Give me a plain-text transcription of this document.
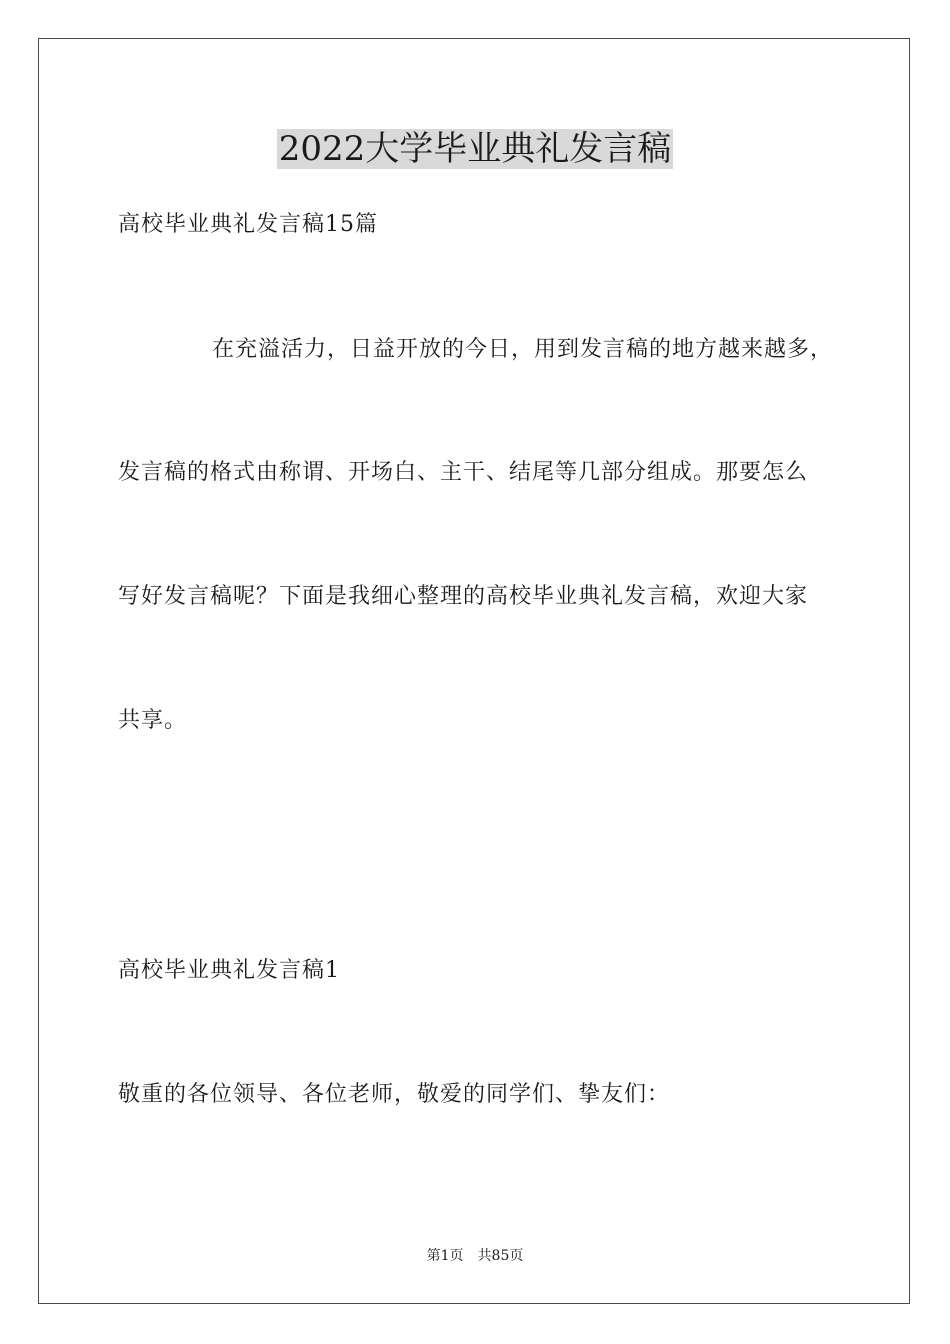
2022大学毕业典礼发言稿
高校毕业典礼发言稿15篇
在充溢活力，日益开放的今日，用到发言稿的地方越来越多，
发言稿的格式由称谓、开场白、主干、结尾等几部分组成。那要怎么
写好发言稿呢？下面是我细心整理的高校毕业典礼发言稿，欢迎大家
共享。
高校毕业典礼发言稿1
敬重的各位领导、各位老师，敬爱的同学们、挚友们：
第1页 共85页
